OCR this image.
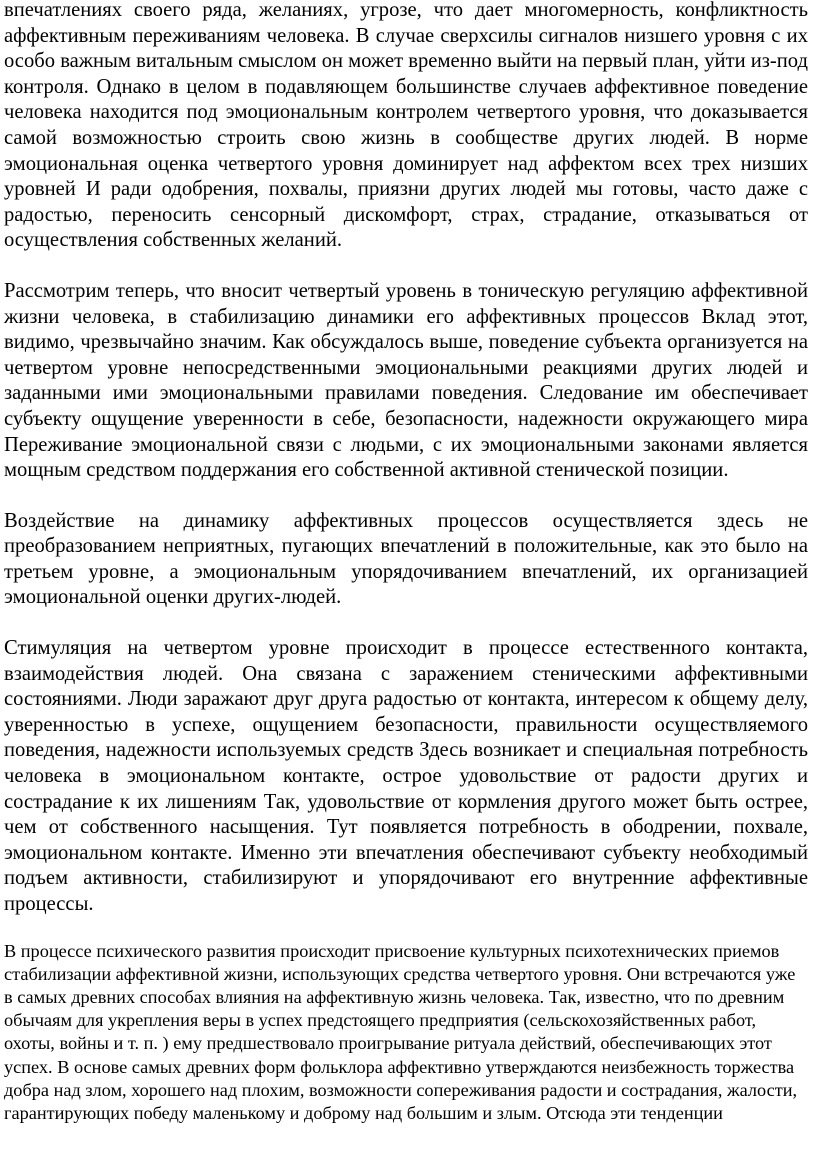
впечатлениях своего ряда, желаниях, угрозе, что дает многомерность, конфликтность аффективным переживаниям человека. В случае сверхсилы сигналов низшего уровня с их особо важным витальным смыслом он может временно выйти на первый план, уйти из-под контроля. Однако в целом в подавляющем большинстве случаев аффективное поведение человека находится под эмоциональным контролем четвертого уровня, что доказывается самой возможностью строить свою жизнь в сообществе других людей. В норме эмоциональная оценка четвертого уровня доминирует над аффектом всех трех низших уровней И ради одобрения, похвалы, приязни других людей мы готовы, часто даже с радостью, переносить сенсорный дискомфорт, страх, страдание, отказываться от осуществления собственных желаний.

Рассмотрим теперь, что вносит четвертый уровень в тоническую регуляцию аффективной жизни человека, в стабилизацию динамики его аффективных процессов Вклад этот, видимо, чрезвычайно значим. Как обсуждалось выше, поведение субъекта организуется на четвертом уровне непосредственными эмоциональными реакциями других людей и заданными ими эмоциональными правилами поведения. Следование им обеспечивает субъекту ощущение уверенности в себе, безопасности, надежности окружающего мира Переживание эмоциональной связи с людьми, с их эмоциональными законами является мощным средством поддержания его собственной активной стенической позиции.

Воздействие на динамику аффективных процессов осуществляется здесь не преобразованием неприятных, пугающих впечатлений в положительные, как это было на третьем уровне, а эмоциональным упорядочиванием впечатлений, их организацией эмоциональной оценки других-людей.

Стимуляция на четвертом уровне происходит в процессе естественного контакта, взаимодействия людей. Она связана с заражением стеническими аффективными состояниями. Люди заражают друг друга радостью от контакта, интересом к общему делу, уверенностью в успехе, ощущением безопасности, правильности осуществляемого поведения, надежности используемых средств Здесь возникает и специальная потребность человека в эмоциональном контакте, острое удовольствие от радости других и сострадание к их лишениям Так, удовольствие от кормления другого может быть острее, чем от собственного насыщения. Тут появляется потребность в ободрении, похвале, эмоциональном контакте. Именно эти впечатления обеспечивают субъекту необходимый подъем активности, стабилизируют и упорядочивают его внутренние аффективные процессы.

В процессе психического развития происходит присвоение культурных психотехнических приемов стабилизации аффективной жизни, использующих средства четвертого уровня. Они встречаются уже в самых древних способах влияния на аффективную жизнь человека. Так, известно, что по древним обычаям для укрепления веры в успех предстоящего предприятия (сельскохозяйственных работ, охоты, войны и т. п. ) ему предшествовало проигрывание ритуала действий, обеспечивающих этот успех. В основе самых древних форм фольклора аффективно утверждаются неизбежность торжества добра над злом, хорошего над плохим, возможности сопереживания радости и сострадания, жалости, гарантирующих победу маленькому и доброму над большим и злым. Отсюда эти тенденции
